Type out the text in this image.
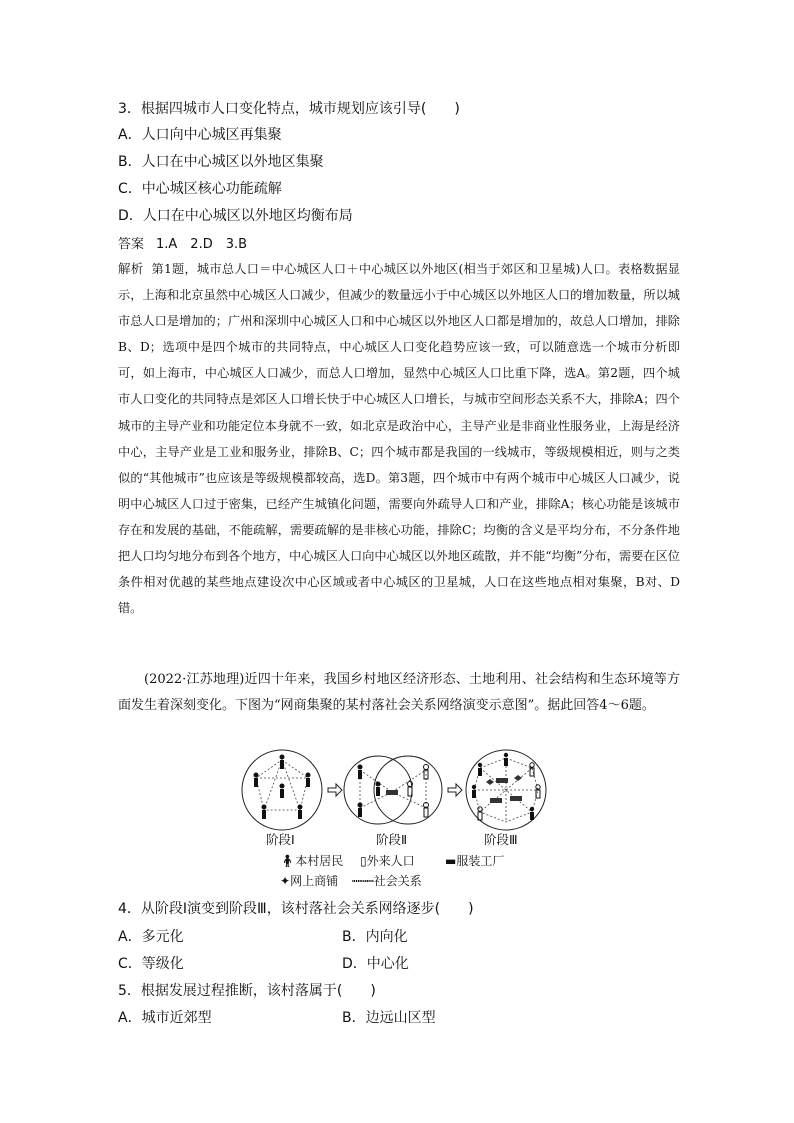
3．根据四城市人口变化特点，城市规划应该引导(　　)
A．人口向中心城区再集聚
B．人口在中心城区以外地区集聚
C．中心城区核心功能疏解
D．人口在中心城区以外地区均衡布局
答案 1.A　2.D　3.B
解析 第1题，城市总人口＝中心城区人口＋中心城区以外地区(相当于郊区和卫星城)人口。表格数据显示，上海和北京虽然中心城区人口减少，但减少的数量远小于中心城区以外地区人口的增加数量，所以城市总人口是增加的；广州和深圳中心城区人口和中心城区以外地区人口都是增加的，故总人口增加，排除B、D；选项中是四个城市的共同特点，中心城区人口变化趋势应该一致，可以随意选一个城市分析即可，如上海市，中心城区人口减少，而总人口增加，显然中心城区人口比重下降，选A。第2题，四个城市人口变化的共同特点是郊区人口增长快于中心城区人口增长，与城市空间形态关系不大，排除A；四个城市的主导产业和功能定位本身就不一致，如北京是政治中心，主导产业是非商业性服务业，上海是经济中心，主导产业是工业和服务业，排除B、C；四个城市都是我国的一线城市，等级规模相近，则与之类似的“其他城市”也应该是等级规模都较高，选D。第3题，四个城市中有两个城市中心城区人口减少，说明中心城区人口过于密集，已经产生城镇化问题，需要向外疏导人口和产业，排除A；核心功能是该城市存在和发展的基础，不能疏解，需要疏解的是非核心功能，排除C；均衡的含义是平均分布，不分条件地把人口均匀地分布到各个地方，中心城区人口向中心城区以外地区疏散，并不能“均衡”分布，需要在区位条件相对优越的某些地点建设次中心区域或者中心城区的卫星城，人口在这些地点相对集聚，B对、D错。
(2022·江苏地理)近四十年来，我国乡村地区经济形态、土地利用、社会结构和生态环境等方面发生着深刻变化。下图为“网商集聚的某村落社会关系网络演变示意图”。据此回答4～6题。
阶段Ⅰ	阶段Ⅱ	阶段Ⅲ
🧍︎本村居民 ▯外来人口	▬服装工厂
✦网上商铺 ┉┉┉社会关系
4．从阶段Ⅰ演变到阶段Ⅲ，该村落社会关系网络逐步(　　)
A．多元化	B．内向化
C．等级化	D．中心化
5．根据发展过程推断，该村落属于(　　)
A．城市近郊型	B．边远山区型
